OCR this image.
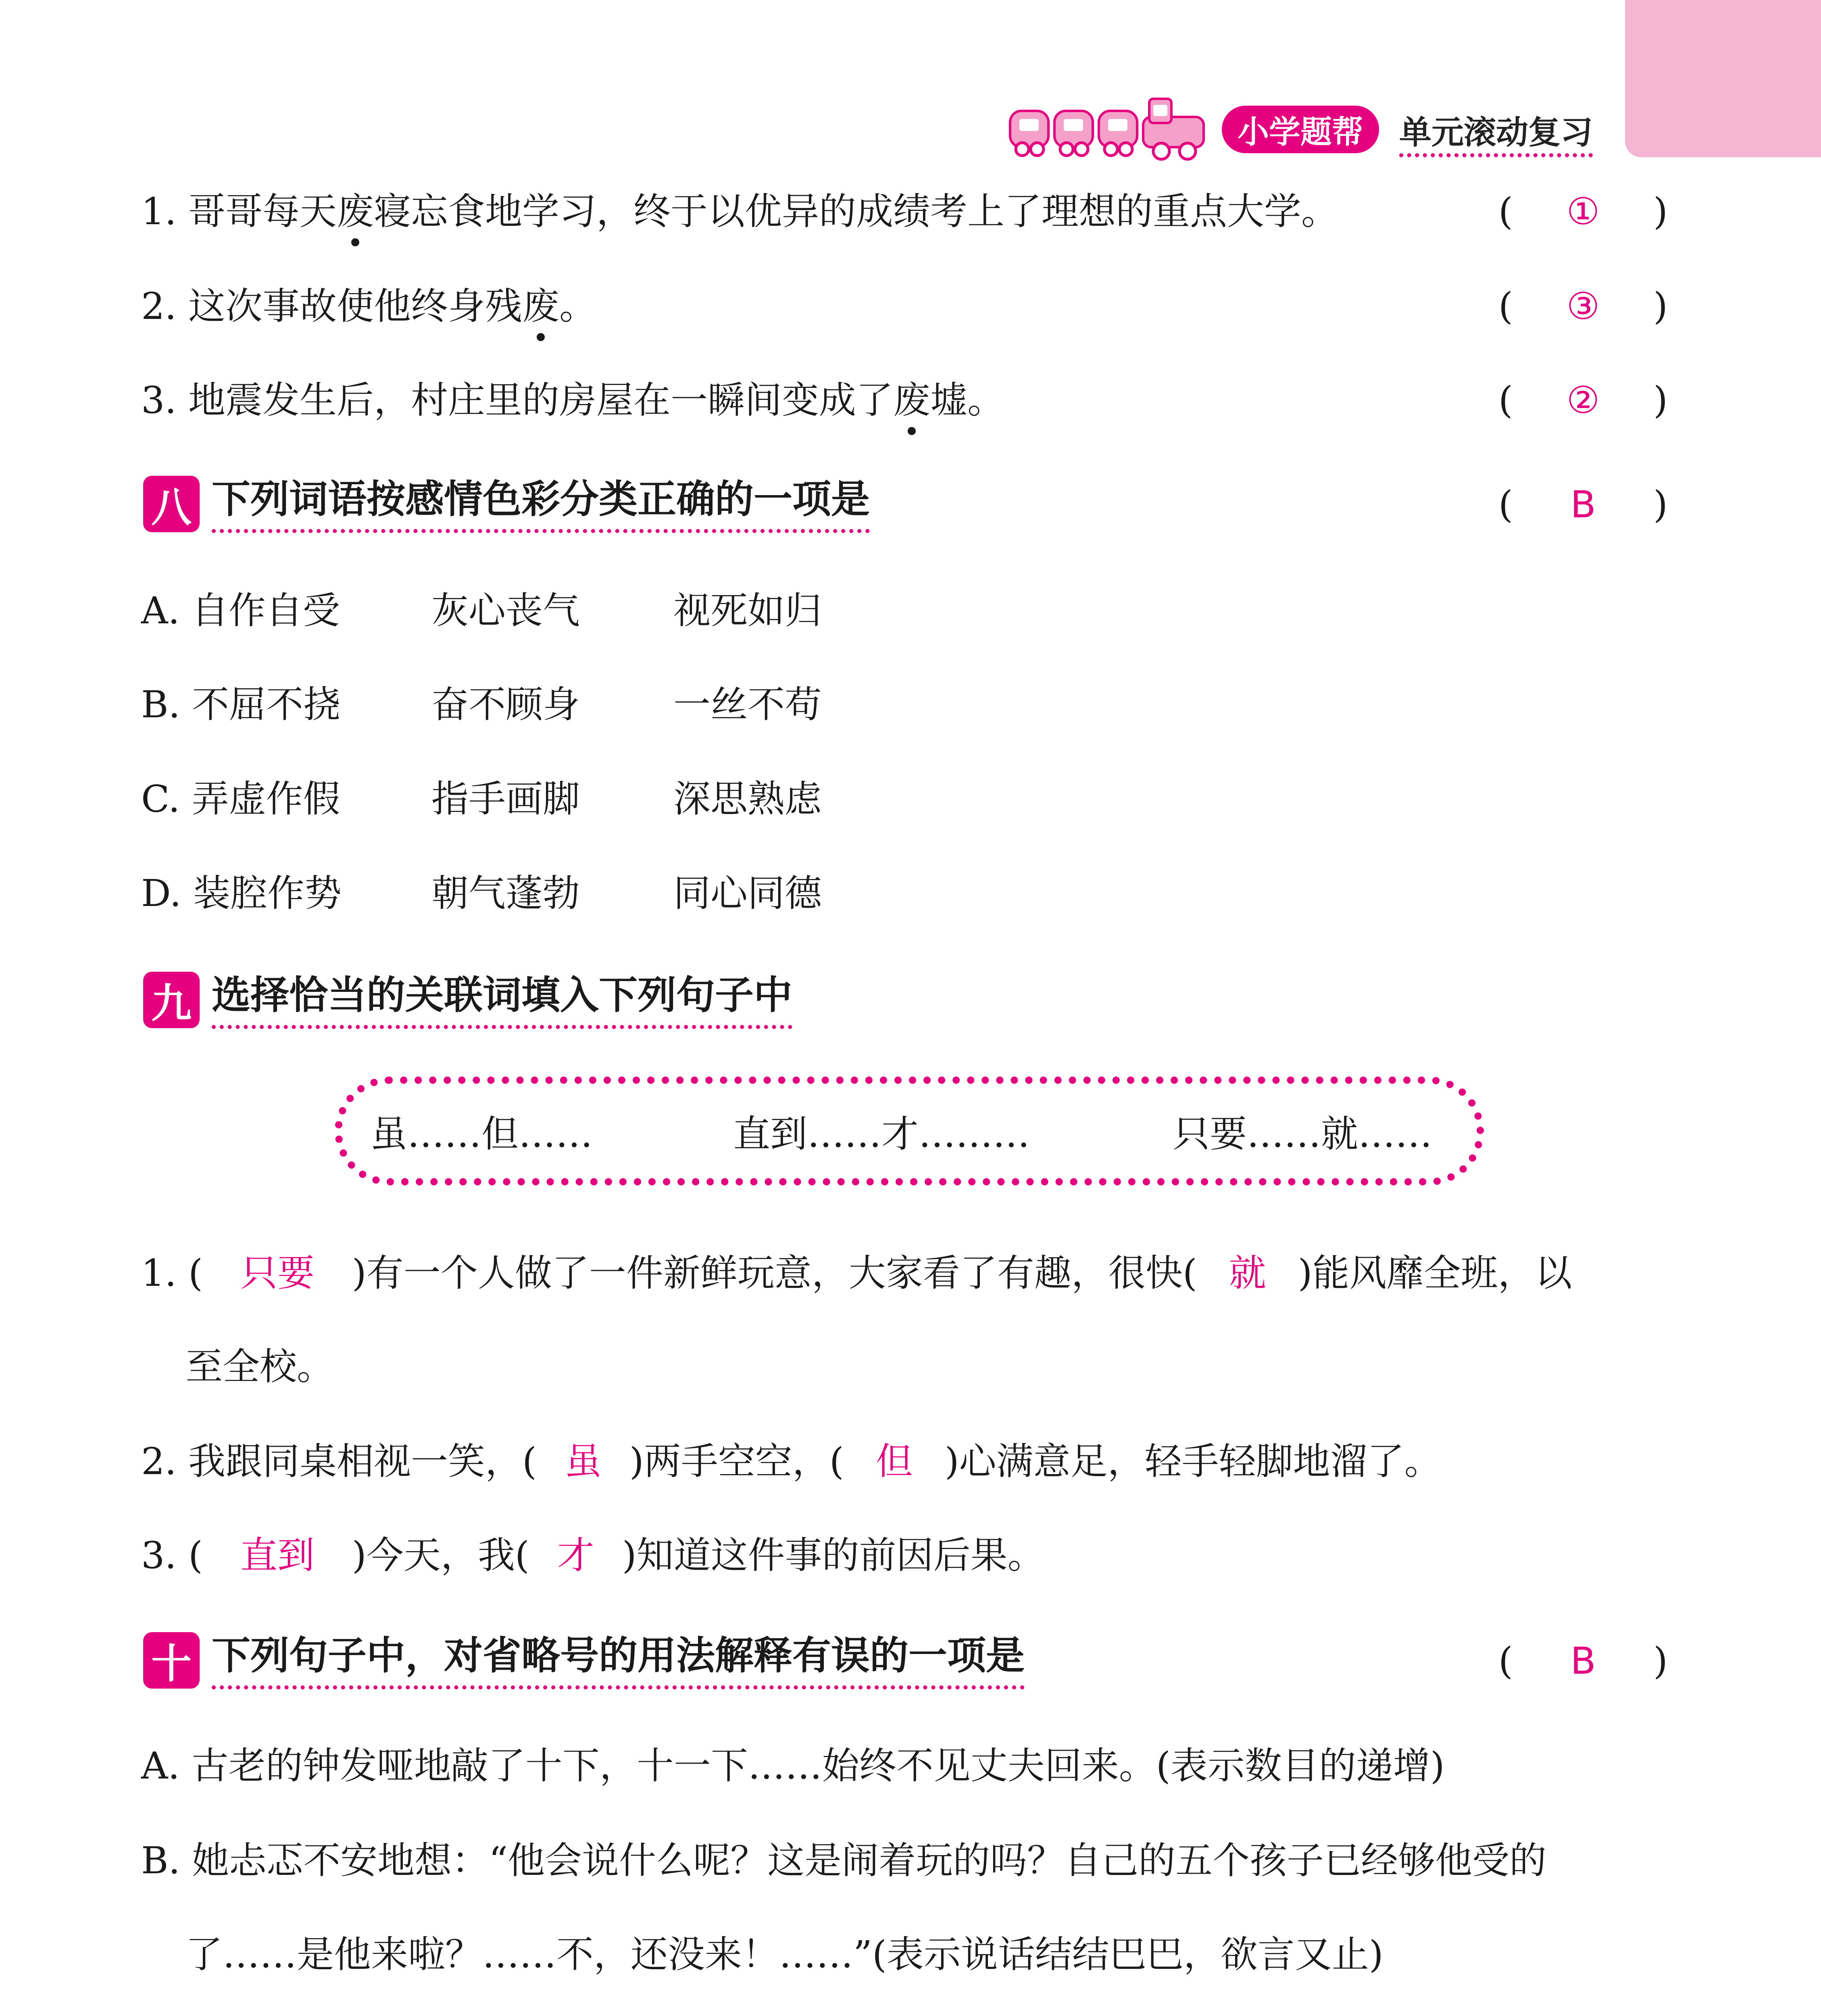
小学题帮 单元滚动复习
1. 哥哥每天废寝忘食地学习，终于以优异的成绩考上了理想的重点大学。	( ① )
2. 这次事故使他终身残废。	( ③ )
3. 地震发生后，村庄里的房屋在一瞬间变成了废墟。	( ② )
八 下列词语按感情色彩分类正确的一项是	( B )
A. 自作自受 灰心丧气	视死如归
B. 不屈不挠 奋不顾身	一丝不苟
C. 弄虚作假 指手画脚	深思熟虑
D. 装腔作势 朝气蓬勃	同心同德
九 选择恰当的关联词填入下列句子中
虽……但……	直到……才………	只要……就……
1. ( 只要 )有一个人做了一件新鲜玩意，大家看了有趣，很快( 就 )能风靡全班，以
至全校。
2. 我跟同桌相视一笑，( 虽 )两手空空，( 但 )心满意足，轻手轻脚地溜了。
3. ( 直到 )今天，我( 才 )知道这件事的前因后果。
十 下列句子中，对省略号的用法解释有误的一项是	( B )
A. 古老的钟发哑地敲了十下，十一下……始终不见丈夫回来。(表示数目的递增)
B. 她忐忑不安地想：“他会说什么呢？这是闹着玩的吗？自己的五个孩子已经够他受的
了……是他来啦？……不，还没来！……”(表示说话结结巴巴，欲言又止)
